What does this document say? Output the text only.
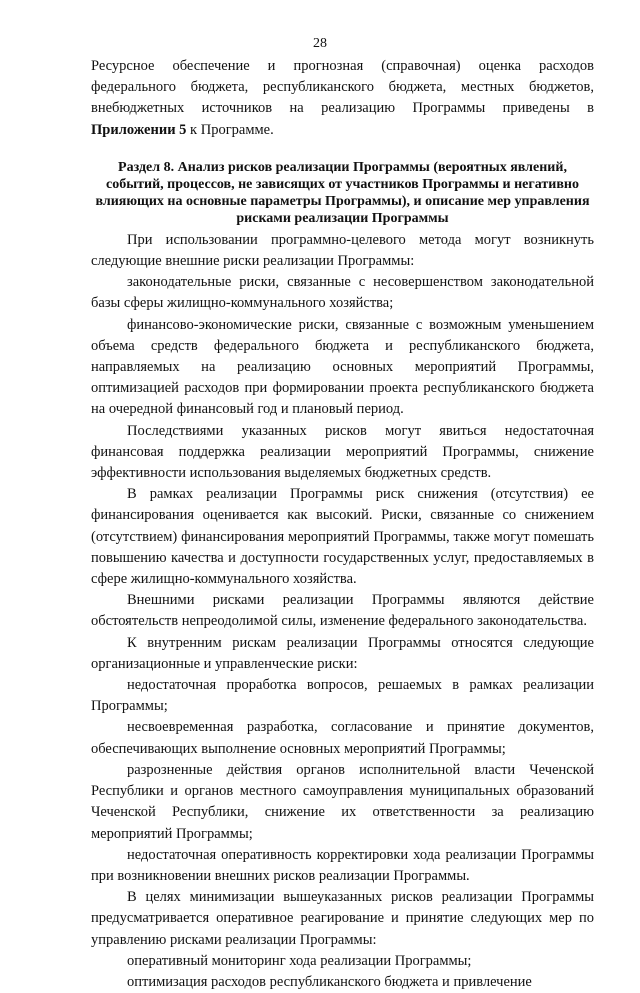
28

Ресурсное обеспечение и прогнозная (справочная) оценка расходов федерального бюджета, республиканского бюджета, местных бюджетов, внебюджетных источников на реализацию Программы приведены в Приложении 5 к Программе.

Раздел 8. Анализ рисков реализации Программы (вероятных явлений, событий, процессов, не зависящих от участников Программы и негативно влияющих на основные параметры Программы), и описание мер управления рисками реализации Программы

При использовании программно-целевого метода могут возникнуть следующие внешние риски реализации Программы:

законодательные риски, связанные с несовершенством законодательной базы сферы жилищно-коммунального хозяйства;

финансово-экономические риски, связанные с возможным уменьшением объема средств федерального бюджета и республиканского бюджета, направляемых на реализацию основных мероприятий Программы, оптимизацией расходов при формировании проекта республиканского бюджета на очередной финансовый год и плановый период.

Последствиями указанных рисков могут явиться недостаточная финансовая поддержка реализации мероприятий Программы, снижение эффективности использования выделяемых бюджетных средств.

В рамках реализации Программы риск снижения (отсутствия) ее финансирования оценивается как высокий. Риски, связанные со снижением (отсутствием) финансирования мероприятий Программы, также могут помешать повышению качества и доступности государственных услуг, предоставляемых в сфере жилищно-коммунального хозяйства.

Внешними рисками реализации Программы являются действие обстоятельств непреодолимой силы, изменение федерального законодательства.

К внутренним рискам реализации Программы относятся следующие организационные и управленческие риски:

недостаточная проработка вопросов, решаемых в рамках реализации Программы;

несвоевременная разработка, согласование и принятие документов, обеспечивающих выполнение основных мероприятий Программы;

разрозненные действия органов исполнительной власти Чеченской Республики и органов местного самоуправления муниципальных образований Чеченской Республики, снижение их ответственности за реализацию мероприятий Программы;

недостаточная оперативность корректировки хода реализации Программы при возникновении внешних рисков реализации Программы.

В целях минимизации вышеуказанных рисков реализации Программы предусматривается оперативное реагирование и принятие следующих мер по управлению рисками реализации Программы:

оперативный мониторинг хода реализации Программы;

оптимизация расходов республиканского бюджета и привлечение
